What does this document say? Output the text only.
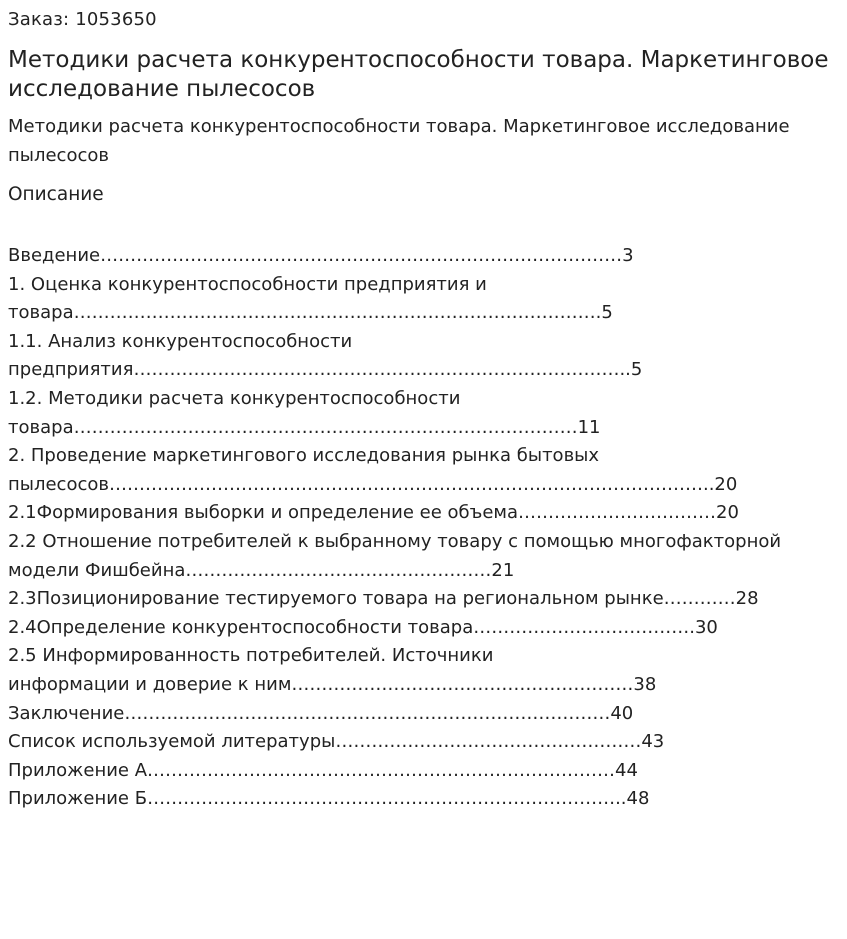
Заказ: 1053650
Методики расчета конкурентоспособности товара. Маркетинговое исследование пылесосов
Методики расчета конкурентоспособности товара. Маркетинговое исследование пылесосов
Описание
Введение……………………………………………………………………………3
1. Оценка конкурентоспособности предприятия и
товара…………………………………………………………………………….5
1.1. Анализ конкурентоспособности
предприятия………………………………………………………………………..5
1.2. Методики расчета конкурентоспособности
товара…………………………………………………………………………11
2. Проведение маркетингового исследования рынка бытовых
пылесосов………………………………………………………………………………………..20
2.1Формирования выборки и определение ее объема……………………………20
2.2 Отношение потребителей к выбранному товару с помощью многофакторной
модели Фишбейна……………………………………………21
2.3Позиционирование тестируемого товара на региональном рынке…………28
2.4Определение конкурентоспособности товара……………………………….30
2.5 Информированность потребителей. Источники
информации и доверие к ним…………………………………………………38
Заключение………………………………………………………………………40
Список используемой литературы……………………………………………43
Приложение А……………………………………………………………………44
Приложение Б……………………………………………………………………..48
